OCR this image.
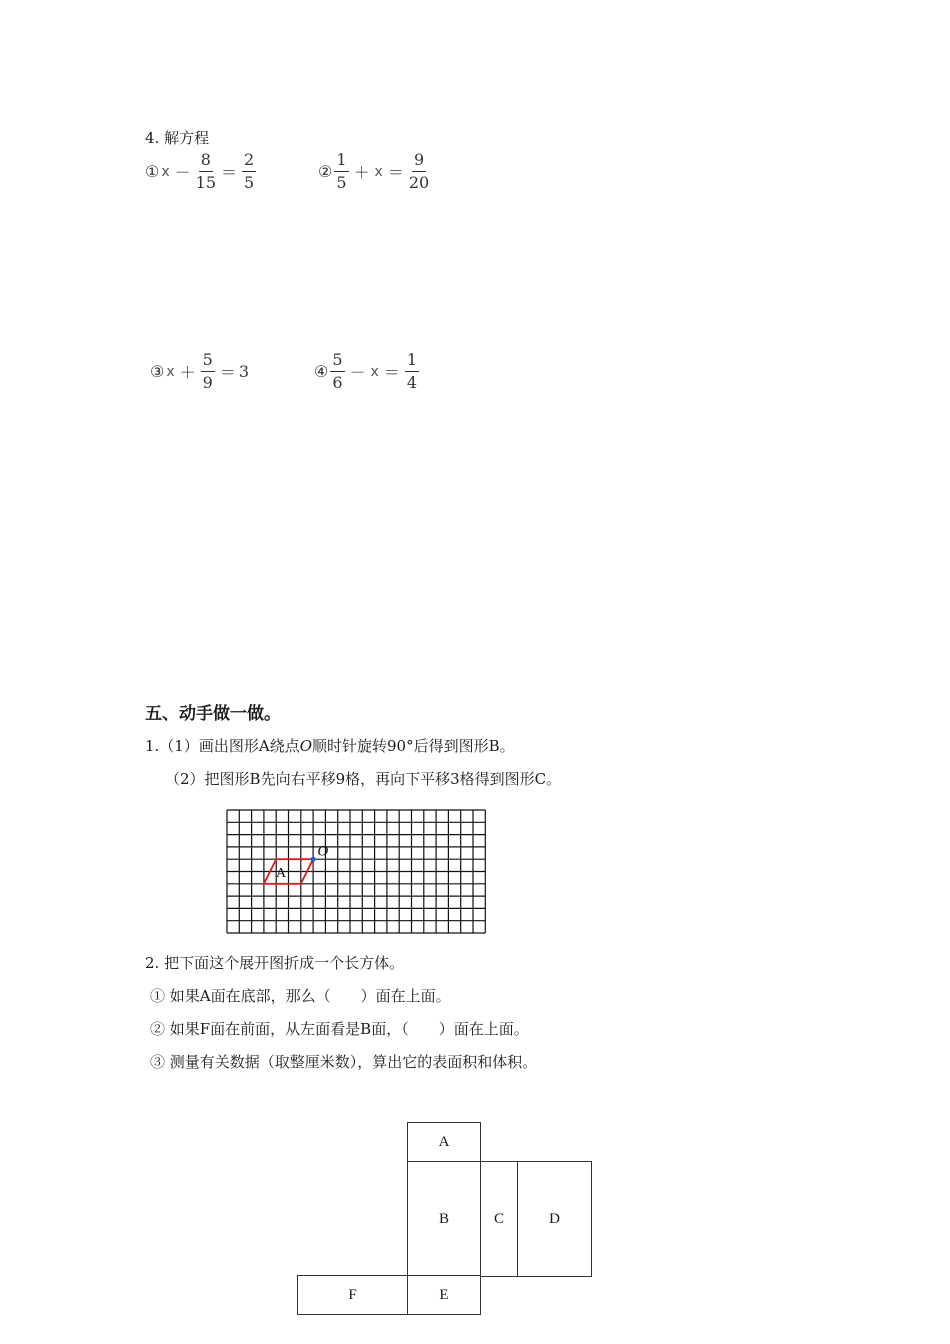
4. 解方程
① $x - \frac{8}{15} = \frac{2}{5}$	② $\frac{1}{5} + x = \frac{9}{20}$
③ $x + \frac{5}{9} = 3$	④ $\frac{5}{6} - x = \frac{1}{4}$
五、动手做一做。
1.（1）画出图形A绕点O顺时针旋转90°后得到图形B。
（2）把图形B先向右平移9格，再向下平移3格得到图形C。
A
O
2. 把下面这个展开图折成一个长方体。
① 如果A面在底部，那么（　　）面在上面。
② 如果F面在前面，从左面看是B面，（　　）面在上面。
③ 测量有关数据（取整厘米数），算出它的表面积和体积。
A
B	C	D
F	E
